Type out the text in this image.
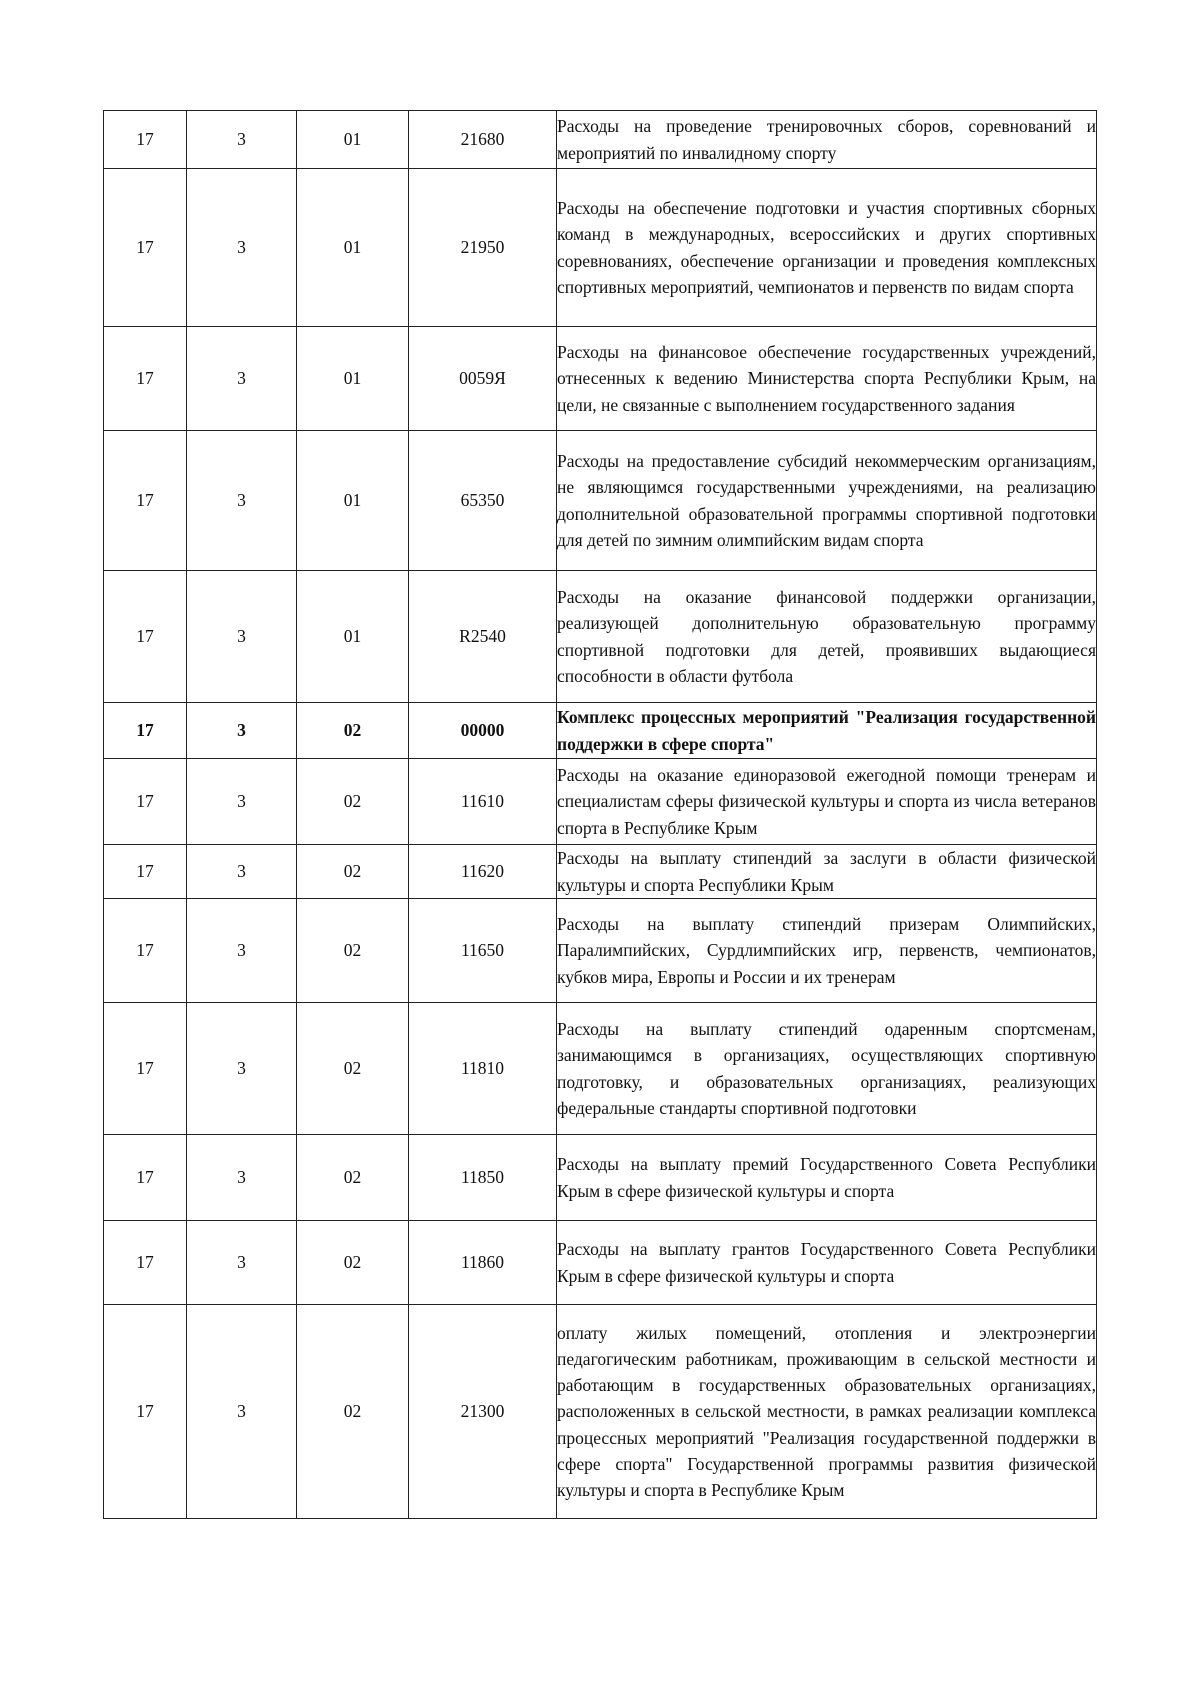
17	3	01	21680	Расходы на проведение тренировочных сборов, соревнований и мероприятий по инвалидному спорту
17	3	01	21950	Расходы на обеспечение подготовки и участия спортивных сборных команд в международных, всероссийских и других спортивных соревнованиях, обеспечение организации и проведения комплексных спортивных мероприятий, чемпионатов и первенств по видам спорта
17	3	01	0059Я	Расходы на финансовое обеспечение государственных учреждений, отнесенных к ведению Министерства спорта Республики Крым, на цели, не связанные с выполнением государственного задания
17	3	01	65350	Расходы на предоставление субсидий некоммерческим организациям, не являющимся государственными учреждениями, на реализацию дополнительной образовательной программы спортивной подготовки для детей по зимним олимпийским видам спорта
17	3	01	R2540	Расходы на оказание финансовой поддержки организации, реализующей дополнительную образовательную программу спортивной подготовки для детей, проявивших выдающиеся способности в области футбола
17	3	02	00000	Комплекс процессных мероприятий "Реализация государственной поддержки в сфере спорта"
17	3	02	11610	Расходы на оказание единоразовой ежегодной помощи тренерам и специалистам сферы физической культуры и спорта из числа ветеранов спорта в Республике Крым
17	3	02	11620	Расходы на выплату стипендий за заслуги в области физической культуры и спорта Республики Крым
17	3	02	11650	Расходы на выплату стипендий призерам Олимпийских, Паралимпийских, Сурдлимпийских игр, первенств, чемпионатов, кубков мира, Европы и России и их тренерам
17	3	02	11810	Расходы на выплату стипендий одаренным спортсменам, занимающимся в организациях, осуществляющих спортивную подготовку, и образовательных организациях, реализующих федеральные стандарты спортивной подготовки
17	3	02	11850	Расходы на выплату премий Государственного Совета Республики Крым в сфере физической культуры и спорта
17	3	02	11860	Расходы на выплату грантов Государственного Совета Республики Крым в сфере физической культуры и спорта
17	3	02	21300	оплату жилых помещений, отопления и электроэнергии педагогическим работникам, проживающим в сельской местности и работающим в государственных образовательных организациях, расположенных в сельской местности, в рамках реализации комплекса процессных мероприятий "Реализация государственной поддержки в сфере спорта" Государственной программы развития физической культуры и спорта в Республике Крым
